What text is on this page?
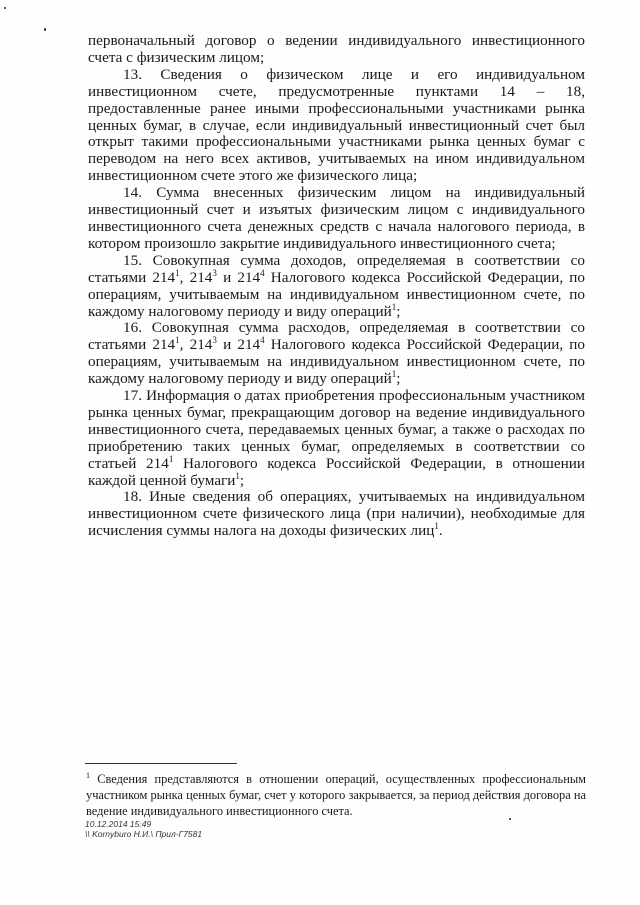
первоначальный договор о ведении индивидуального инвестиционного счета с физическим лицом;

13. Сведения о физическом лице и его индивидуальном инвестиционном счете, предусмотренные пунктами 14 – 18, предоставленные ранее иными профессиональными участниками рынка ценных бумаг, в случае, если индивидуальный инвестиционный счет был открыт такими профессиональными участниками рынка ценных бумаг с переводом на него всех активов, учитываемых на ином индивидуальном инвестиционном счете этого же физического лица;

14. Сумма внесенных физическим лицом на индивидуальный инвестиционный счет и изъятых физическим лицом с индивидуального инвестиционного счета денежных средств с начала налогового периода, в котором произошло закрытие индивидуального инвестиционного счета;

15. Совокупная сумма доходов, определяемая в соответствии со статьями $214^1$, $214^3$ и $214^4$ Налогового кодекса Российской Федерации, по операциям, учитываемым на индивидуальном инвестиционном счете, по каждому налоговому периоду и виду операций$^1$;

16. Совокупная сумма расходов, определяемая в соответствии со статьями $214^1$, $214^3$ и $214^4$ Налогового кодекса Российской Федерации, по операциям, учитываемым на индивидуальном инвестиционном счете, по каждому налоговому периоду и виду операций$^1$;

17. Информация о датах приобретения профессиональным участником рынка ценных бумаг, прекращающим договор на ведение индивидуального инвестиционного счета, передаваемых ценных бумаг, а также о расходах по приобретению таких ценных бумаг, определяемых в соответствии со статьей $214^1$ Налогового кодекса Российской Федерации, в отношении каждой ценной бумаги$^1$;

18. Иные сведения об операциях, учитываемых на индивидуальном инвестиционном счете физического лица (при наличии), необходимые для исчисления суммы налога на доходы физических лиц$^1$.

$^1$ Сведения представляются в отношении операций, осуществленных профессиональным участником рынка ценных бумаг, счет у которого закрывается, за период действия договора на ведение индивидуального инвестиционного счета.
10.12.2014 15:49
\\ Kornyburo Н.И.\ Прил-Г7581
